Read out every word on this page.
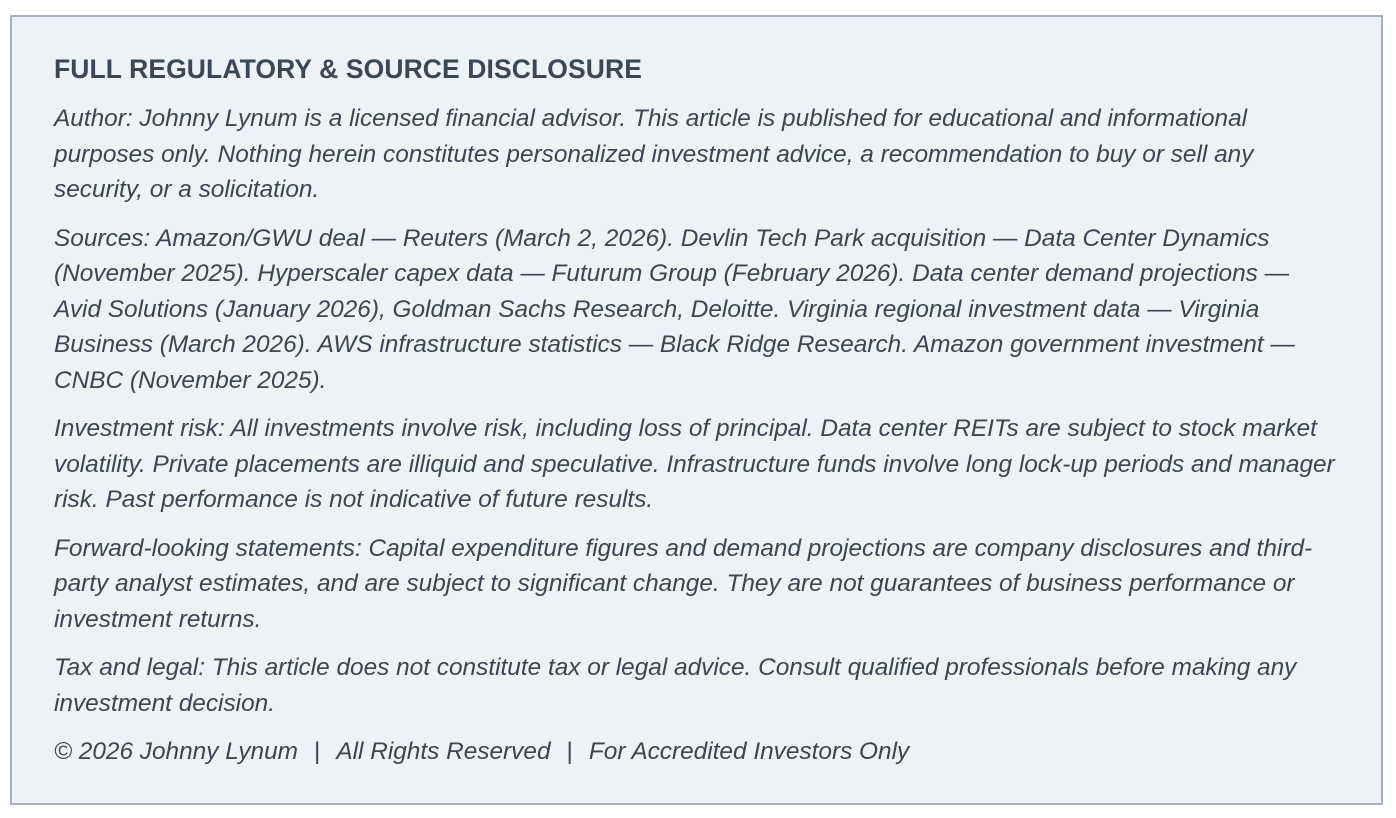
FULL REGULATORY & SOURCE DISCLOSURE

Author: Johnny Lynum is a licensed financial advisor. This article is published for educational and informational purposes only. Nothing herein constitutes personalized investment advice, a recommendation to buy or sell any security, or a solicitation.

Sources: Amazon/GWU deal — Reuters (March 2, 2026). Devlin Tech Park acquisition — Data Center Dynamics (November 2025). Hyperscaler capex data — Futurum Group (February 2026). Data center demand projections — Avid Solutions (January 2026), Goldman Sachs Research, Deloitte. Virginia regional investment data — Virginia Business (March 2026). AWS infrastructure statistics — Black Ridge Research. Amazon government investment — CNBC (November 2025).

Investment risk: All investments involve risk, including loss of principal. Data center REITs are subject to stock market volatility. Private placements are illiquid and speculative. Infrastructure funds involve long lock-up periods and manager risk. Past performance is not indicative of future results.

Forward-looking statements: Capital expenditure figures and demand projections are company disclosures and third-party analyst estimates, and are subject to significant change. They are not guarantees of business performance or investment returns.

Tax and legal: This article does not constitute tax or legal advice. Consult qualified professionals before making any investment decision.

© 2026 Johnny Lynum | All Rights Reserved | For Accredited Investors Only
